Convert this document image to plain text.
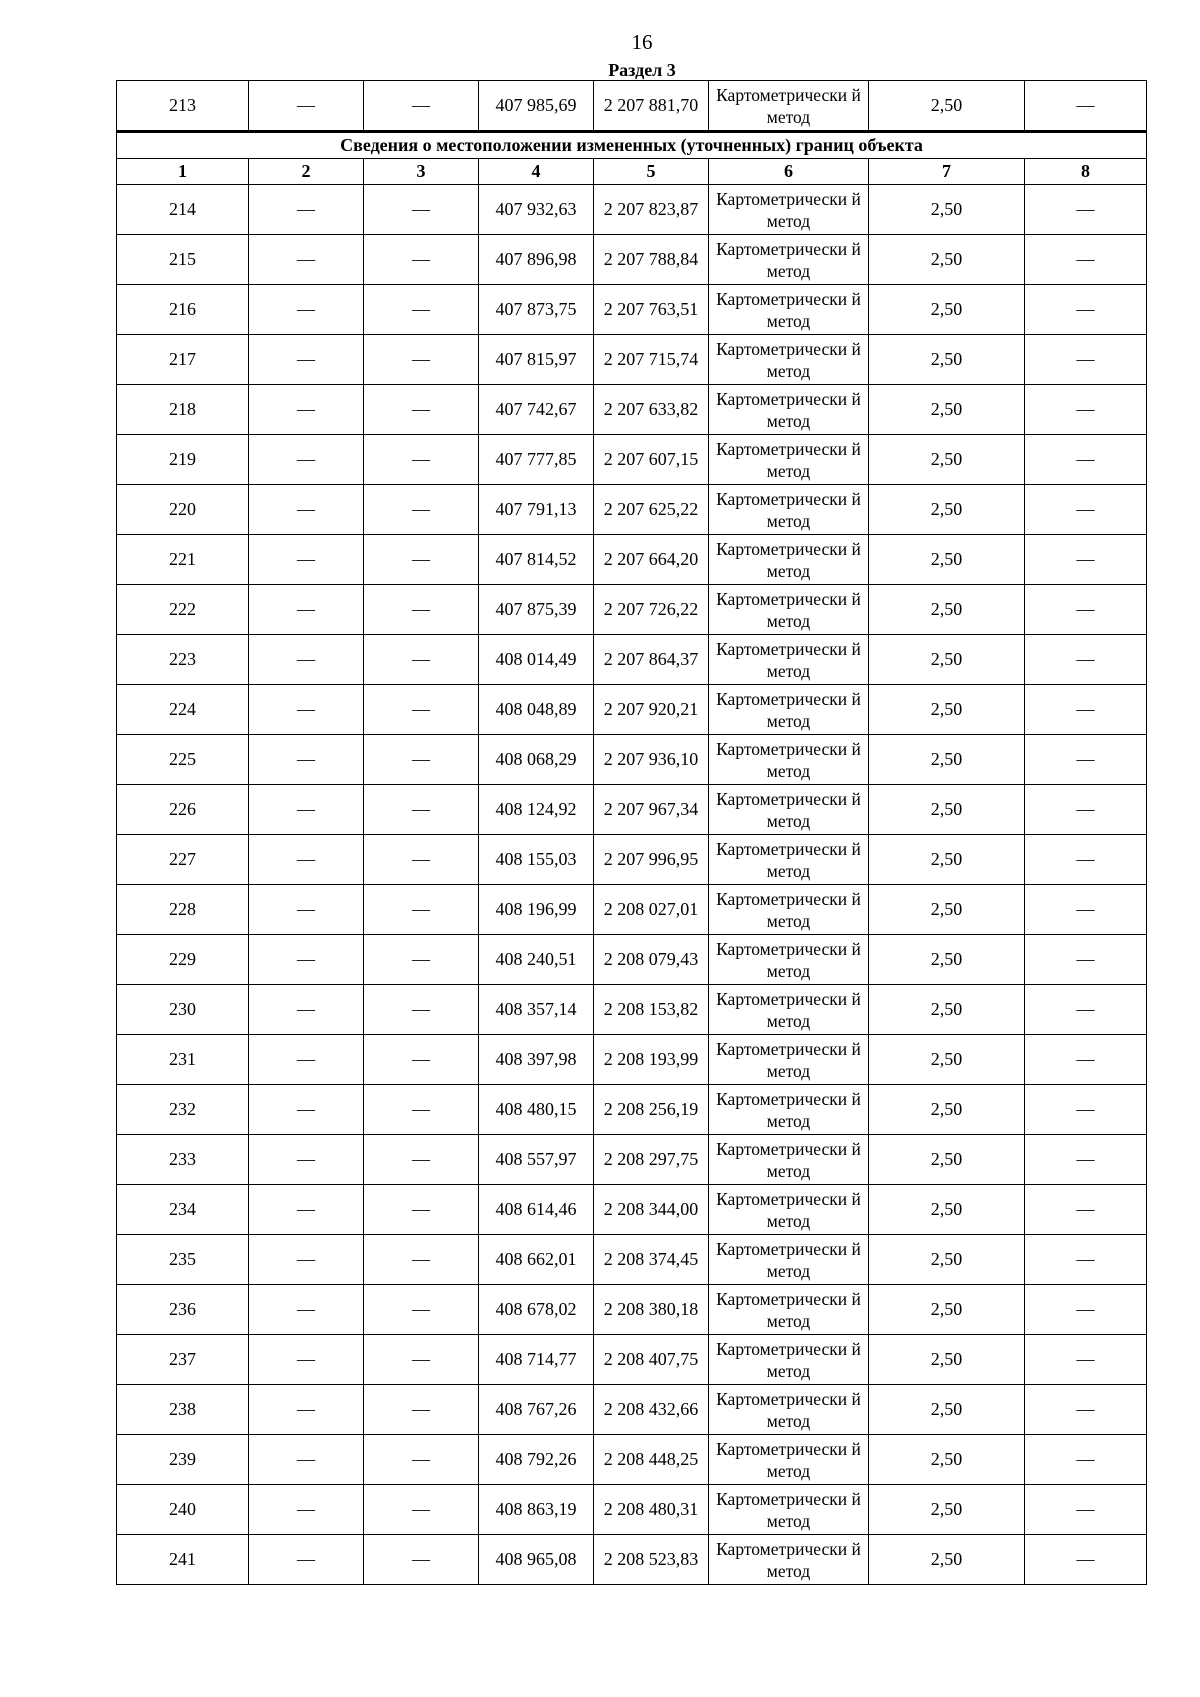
16
Раздел 3
213	—	—	407 985,69	2 207 881,70	Картометрически й метод	2,50	—
Сведения о местоположении измененных (уточненных) границ объекта							
1	2	3	4	5	6	7	8
214	—	—	407 932,63	2 207 823,87	Картометрически й метод	2,50	—
215	—	—	407 896,98	2 207 788,84	Картометрически й метод	2,50	—
216	—	—	407 873,75	2 207 763,51	Картометрически й метод	2,50	—
217	—	—	407 815,97	2 207 715,74	Картометрически й метод	2,50	—
218	—	—	407 742,67	2 207 633,82	Картометрически й метод	2,50	—
219	—	—	407 777,85	2 207 607,15	Картометрически й метод	2,50	—
220	—	—	407 791,13	2 207 625,22	Картометрически й метод	2,50	—
221	—	—	407 814,52	2 207 664,20	Картометрически й метод	2,50	—
222	—	—	407 875,39	2 207 726,22	Картометрически й метод	2,50	—
223	—	—	408 014,49	2 207 864,37	Картометрически й метод	2,50	—
224	—	—	408 048,89	2 207 920,21	Картометрически й метод	2,50	—
225	—	—	408 068,29	2 207 936,10	Картометрически й метод	2,50	—
226	—	—	408 124,92	2 207 967,34	Картометрически й метод	2,50	—
227	—	—	408 155,03	2 207 996,95	Картометрически й метод	2,50	—
228	—	—	408 196,99	2 208 027,01	Картометрически й метод	2,50	—
229	—	—	408 240,51	2 208 079,43	Картометрически й метод	2,50	—
230	—	—	408 357,14	2 208 153,82	Картометрически й метод	2,50	—
231	—	—	408 397,98	2 208 193,99	Картометрически й метод	2,50	—
232	—	—	408 480,15	2 208 256,19	Картометрически й метод	2,50	—
233	—	—	408 557,97	2 208 297,75	Картометрически й метод	2,50	—
234	—	—	408 614,46	2 208 344,00	Картометрически й метод	2,50	—
235	—	—	408 662,01	2 208 374,45	Картометрически й метод	2,50	—
236	—	—	408 678,02	2 208 380,18	Картометрически й метод	2,50	—
237	—	—	408 714,77	2 208 407,75	Картометрически й метод	2,50	—
238	—	—	408 767,26	2 208 432,66	Картометрически й метод	2,50	—
239	—	—	408 792,26	2 208 448,25	Картометрически й метод	2,50	—
240	—	—	408 863,19	2 208 480,31	Картометрически й метод	2,50	—
241	—	—	408 965,08	2 208 523,83	Картометрически й метод	2,50	—
